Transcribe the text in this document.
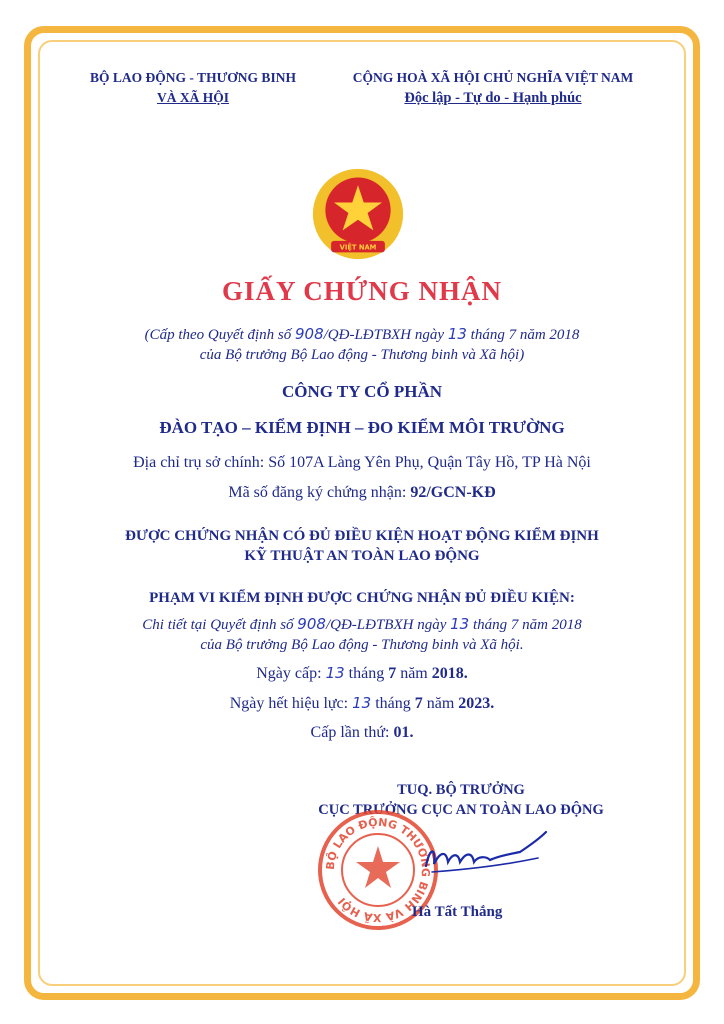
BỘ LAO ĐỘNG - THƯƠNG BINH
VÀ XÃ HỘI
CỘNG HOÀ XÃ HỘI CHỦ NGHĨA VIỆT NAM
Độc lập - Tự do - Hạnh phúc
VIỆT NAM
GIẤY CHỨNG NHẬN
(Cấp theo Quyết định số 908/QĐ-LĐTBXH ngày 13 tháng 7 năm 2018
của Bộ trưởng Bộ Lao động - Thương binh và Xã hội)
CÔNG TY CỔ PHẦN
ĐÀO TẠO – KIỂM ĐỊNH – ĐO KIỂM MÔI TRƯỜNG
Địa chỉ trụ sở chính: Số 107A Làng Yên Phụ, Quận Tây Hồ, TP Hà Nội
Mã số đăng ký chứng nhận: 92/GCN-KĐ
ĐƯỢC CHỨNG NHẬN CÓ ĐỦ ĐIỀU KIỆN HOẠT ĐỘNG KIỂM ĐỊNH
KỸ THUẬT AN TOÀN LAO ĐỘNG
PHẠM VI KIỂM ĐỊNH ĐƯỢC CHỨNG NHẬN ĐỦ ĐIỀU KIỆN:
Chi tiết tại Quyết định số 908/QĐ-LĐTBXH ngày 13 tháng 7 năm 2018
của Bộ trưởng Bộ Lao động - Thương binh và Xã hội.
Ngày cấp: 13 tháng 7 năm 2018.
Ngày hết hiệu lực: 13 tháng 7 năm 2023.
Cấp lần thứ: 01.
TUQ. BỘ TRƯỞNG
CỤC TRƯỞNG CỤC AN TOÀN LAO ĐỘNG
BỘ LAO ĐỘNG THƯƠNG BINH VÀ XÃ HỘI
Hà Tất Thắng
